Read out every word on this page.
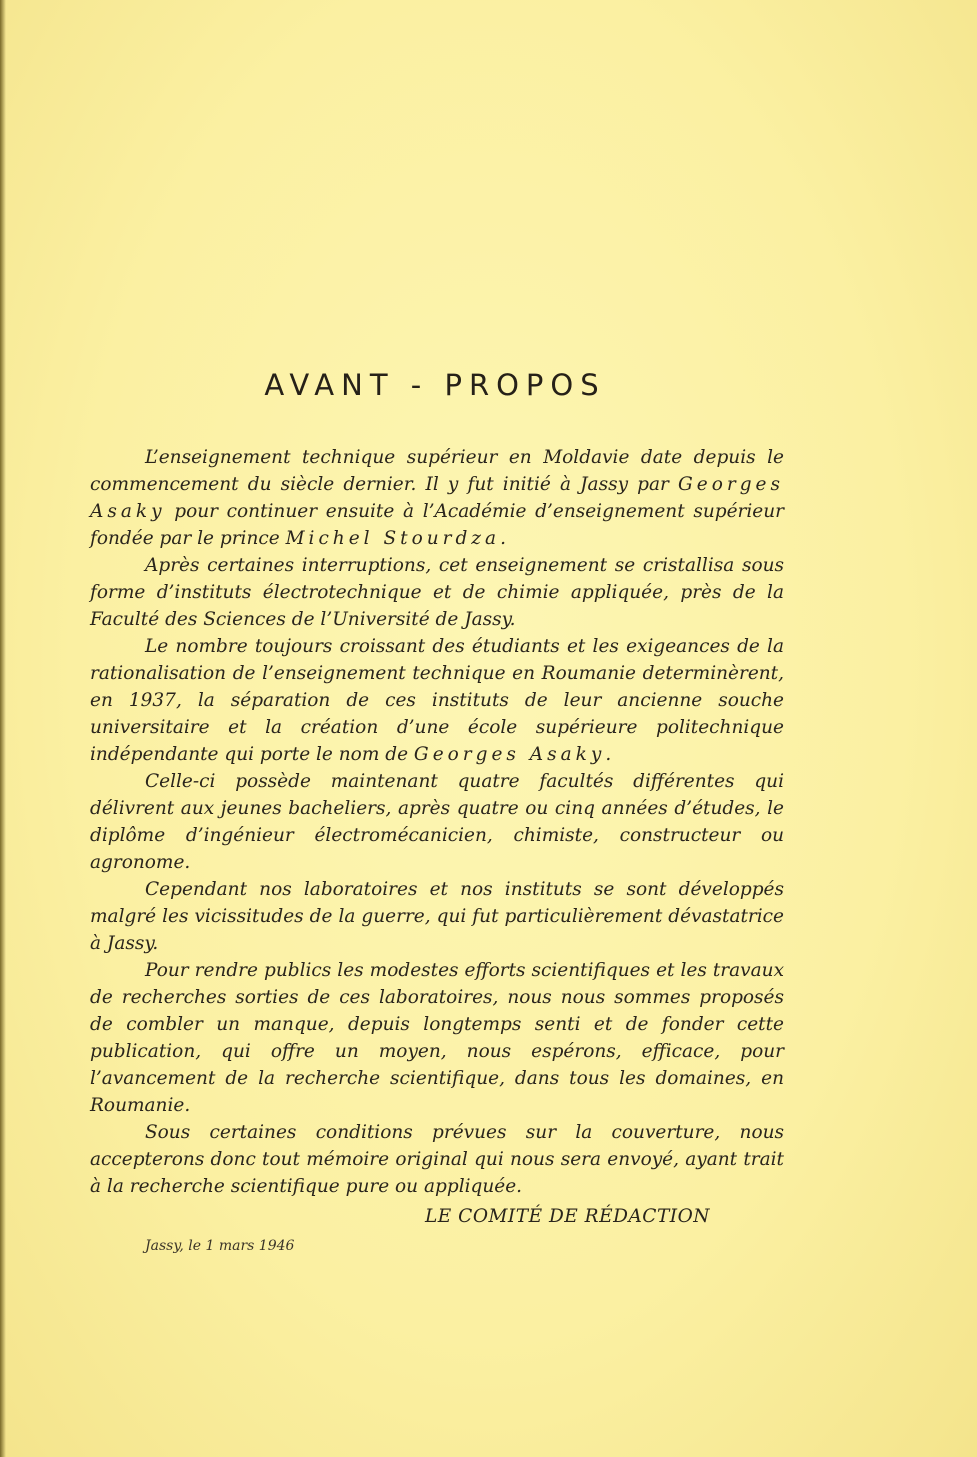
AVANT - PROPOS

L’enseignement technique supérieur en Moldavie date depuis le commencement du siècle dernier. Il y fut initié à Jassy par Georges Asaky pour continuer ensuite à l’Académie d’enseignement supérieur fondée par le prince Michel Stourdza.

Après certaines interruptions, cet enseignement se cristallisa sous forme d’instituts électrotechnique et de chimie appliquée, près de la Faculté des Sciences de l’Université de Jassy.

Le nombre toujours croissant des étudiants et les exigeances de la rationalisation de l’enseignement technique en Roumanie determinèrent, en 1937, la séparation de ces instituts de leur ancienne souche universitaire et la création d’une école supérieure politechnique indépendante qui porte le nom de Georges Asaky.

Celle-ci possède maintenant quatre facultés différentes qui délivrent aux jeunes bacheliers, après quatre ou cinq années d’études, le diplôme d’ingénieur électromécanicien, chimiste, constructeur ou agronome.

Cependant nos laboratoires et nos instituts se sont développés malgré les vicissitudes de la guerre, qui fut particulièrement dévastatrice à Jassy.

Pour rendre publics les modestes efforts scientifiques et les travaux de recherches sorties de ces laboratoires, nous nous sommes proposés de combler un manque, depuis longtemps senti et de fonder cette publication, qui offre un moyen, nous espérons, efficace, pour l’avancement de la recherche scientifique, dans tous les domaines, en Roumanie.

Sous certaines conditions prévues sur la couverture, nous accepterons donc tout mémoire original qui nous sera envoyé, ayant trait à la recherche scientifique pure ou appliquée.

LE COMITÉ DE RÉDACTION
Jassy, le 1 mars 1946
